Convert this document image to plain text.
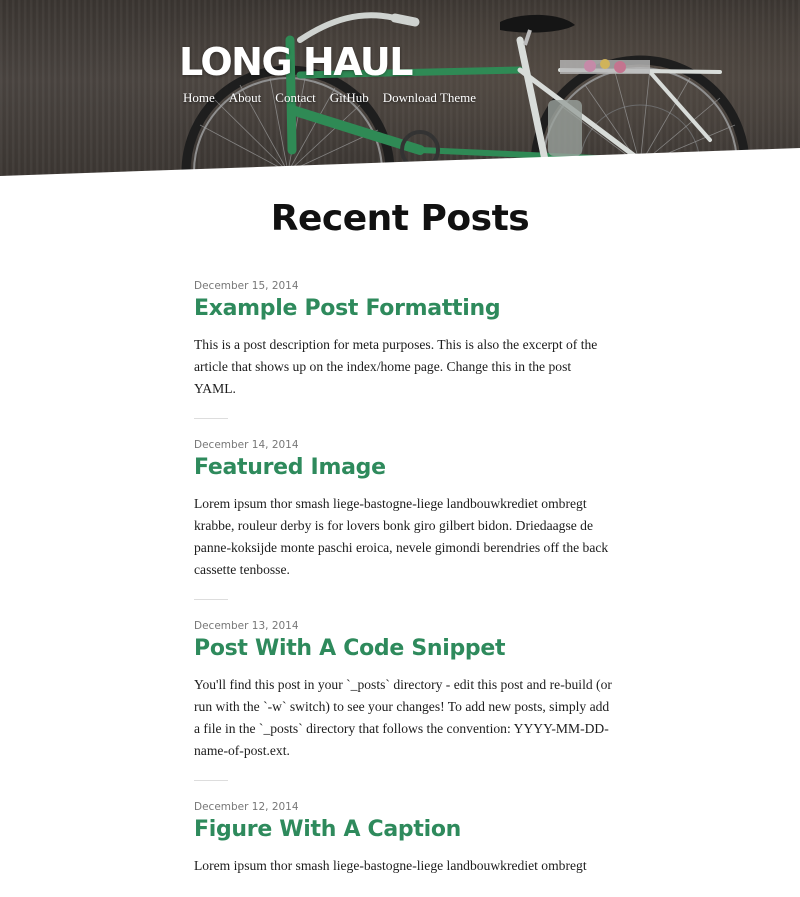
LONG HAUL
Home About Contact GitHub Download Theme
Recent Posts
December 15, 2014
Example Post Formatting

This is a post description for meta purposes. This is also the excerpt of the article that shows up on the index/home page. Change this in the post YAML.

December 14, 2014
Featured Image

Lorem ipsum thor smash liege-bastogne-liege landbouwkrediet ombregt krabbe, rouleur derby is for lovers bonk giro gilbert bidon. Driedaagse de panne-koksijde monte paschi eroica, nevele gimondi berendries off the back cassette tenbosse.

December 13, 2014
Post With A Code Snippet

You'll find this post in your `_posts` directory - edit this post and re-build (or run with the `-w` switch) to see your changes! To add new posts, simply add a file in the `_posts` directory that follows the convention: YYYY-MM-DD-name-of-post.ext.

December 12, 2014
Figure With A Caption

Lorem ipsum thor smash liege-bastogne-liege landbouwkrediet ombregt
